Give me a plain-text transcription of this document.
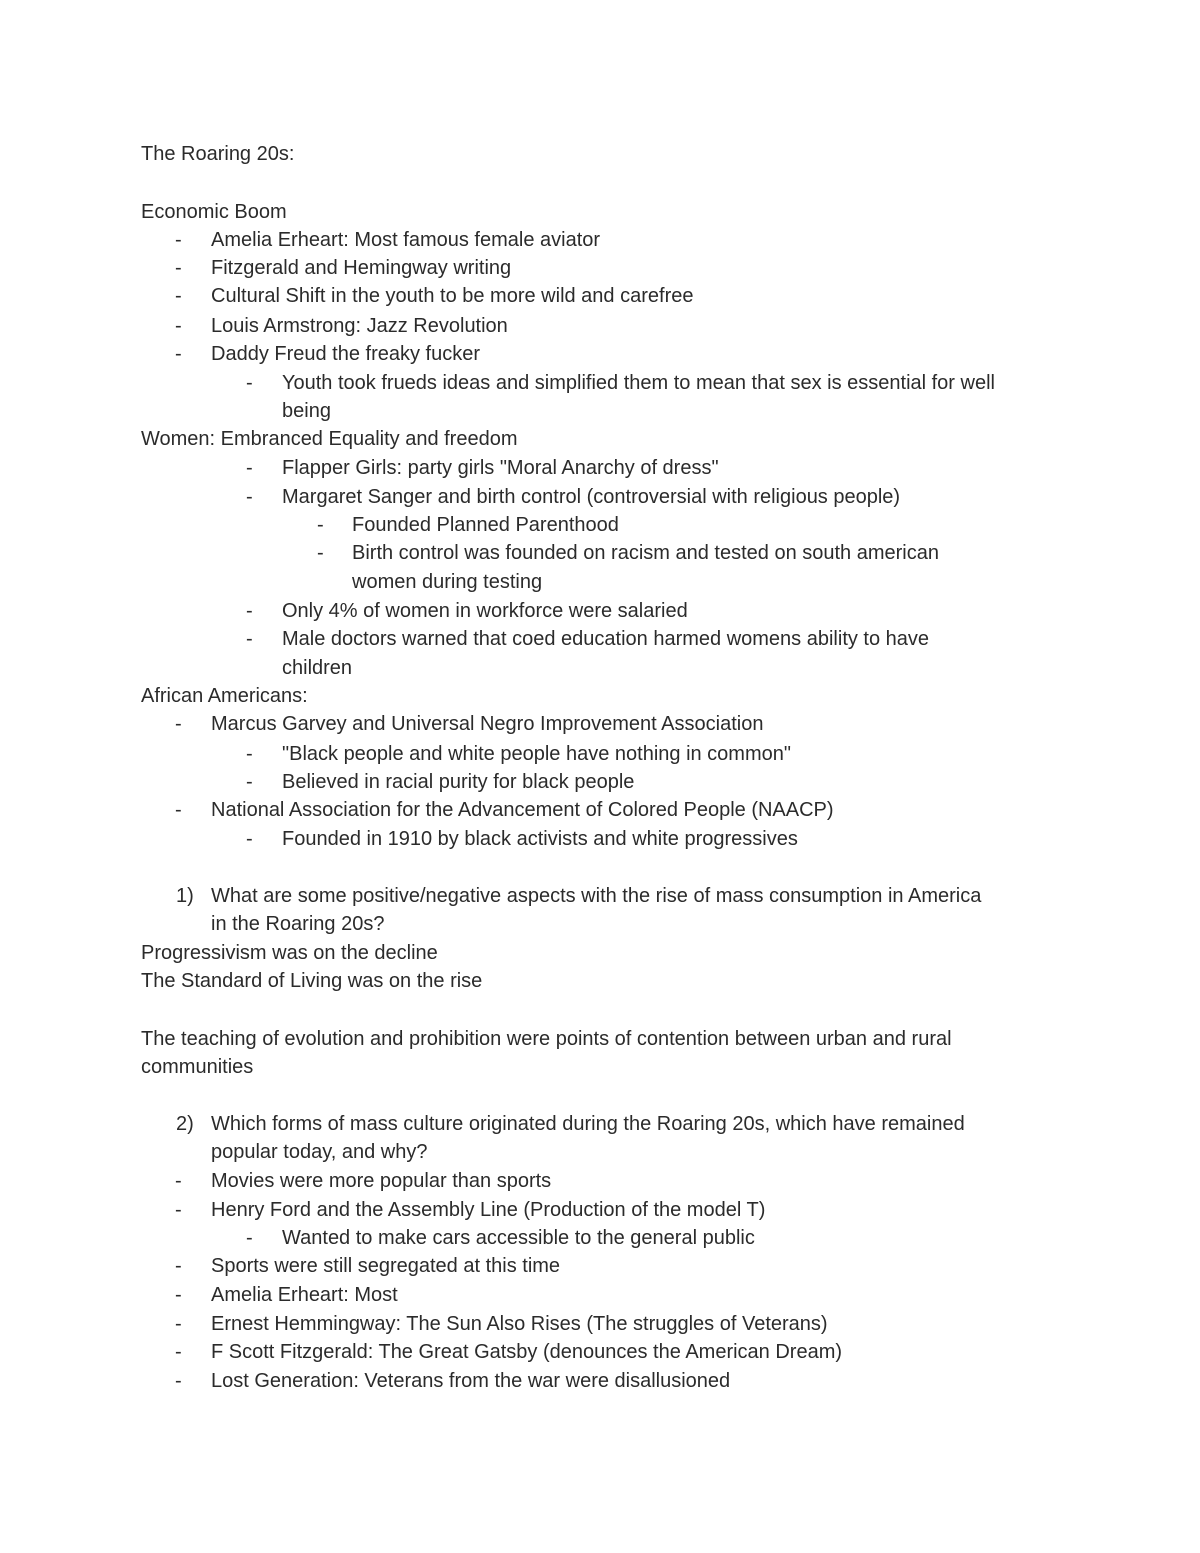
The Roaring 20s:
Economic Boom
- Amelia Erheart: Most famous female aviator
- Fitzgerald and Hemingway writing
- Cultural Shift in the youth to be more wild and carefree
- Louis Armstrong: Jazz Revolution
- Daddy Freud the freaky fucker
- Youth took frueds ideas and simplified them to mean that sex is essential for well
being
Women: Embranced Equality and freedom
- Flapper Girls: party girls "Moral Anarchy of dress"
- Margaret Sanger and birth control (controversial with religious people)
- Founded Planned Parenthood
- Birth control was founded on racism and tested on south american
women during testing
- Only 4% of women in workforce were salaried
- Male doctors warned that coed education harmed womens ability to have
children
African Americans:
- Marcus Garvey and Universal Negro Improvement Association
- "Black people and white people have nothing in common"
- Believed in racial purity for black people
- National Association for the Advancement of Colored People (NAACP)
- Founded in 1910 by black activists and white progressives
1) What are some positive/negative aspects with the rise of mass consumption in America
in the Roaring 20s?
Progressivism was on the decline
The Standard of Living was on the rise
The teaching of evolution and prohibition were points of contention between urban and rural
communities
2) Which forms of mass culture originated during the Roaring 20s, which have remained
popular today, and why?
- Movies were more popular than sports
- Henry Ford and the Assembly Line (Production of the model T)
- Wanted to make cars accessible to the general public
- Sports were still segregated at this time
- Amelia Erheart: Most
- Ernest Hemmingway: The Sun Also Rises (The struggles of Veterans)
- F Scott Fitzgerald: The Great Gatsby (denounces the American Dream)
- Lost Generation: Veterans from the war were disallusioned
